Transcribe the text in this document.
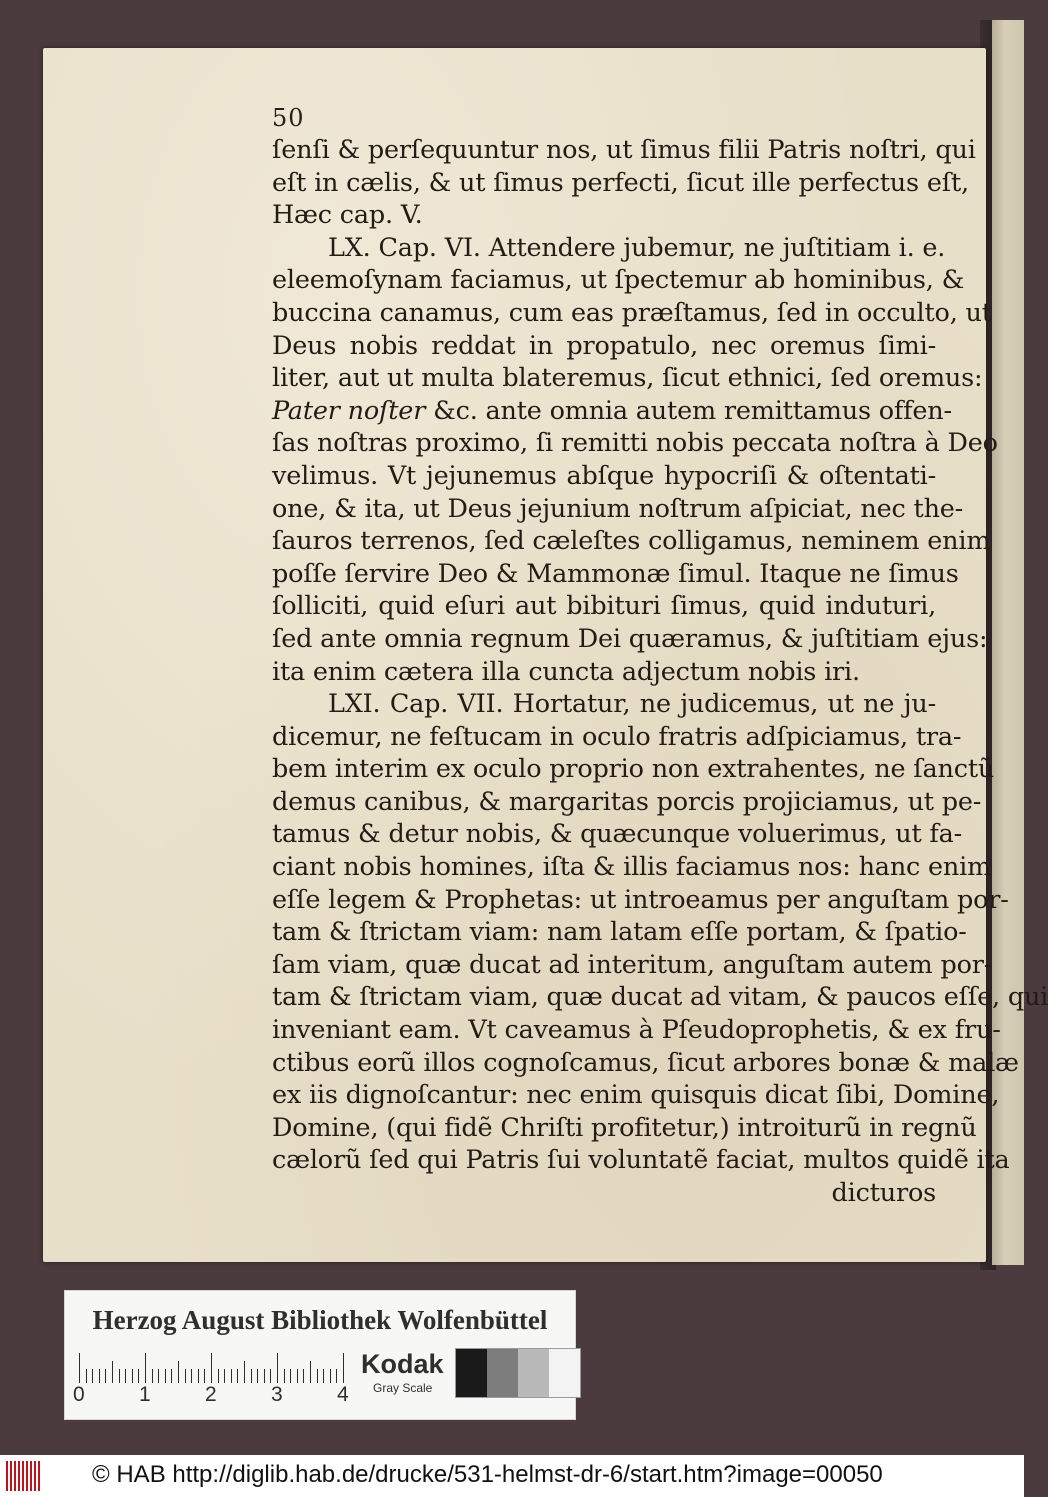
50
ſenſi & perſequuntur nos, ut ſimus filii Patris noſtri, qui
eſt in cælis, & ut ſimus perfecti, ſicut ille perfectus eſt,
Hæc cap. V.
LX. Cap. VI. Attendere jubemur, ne juſtitiam i. e.
eleemoſynam faciamus, ut ſpectemur ab hominibus, &
buccina canamus, cum eas præſtamus, ſed in occulto, ut
Deus nobis reddat in propatulo, nec oremus ſimi-
liter, aut ut multa blateremus, ſicut ethnici, ſed oremus:
Pater noſter &c. ante omnia autem remittamus offen-
ſas noſtras proximo, ſi remitti nobis peccata noſtra à Deo
velimus. Vt jejunemus abſque hypocriſi & oſtentati-
one, & ita, ut Deus jejunium noſtrum aſpiciat, nec the-
ſauros terrenos, ſed cæleſtes colligamus, neminem enim
poſſe ſervire Deo & Mammonæ ſimul. Itaque ne ſimus
ſolliciti, quid eſuri aut bibituri ſimus, quid induturi,
ſed ante omnia regnum Dei quæramus, & juſtitiam ejus:
ita enim cætera illa cuncta adjectum nobis iri.
LXI. Cap. VII. Hortatur, ne judicemus, ut ne ju-
dicemur, ne feſtucam in oculo fratris adſpiciamus, tra-
bem interim ex oculo proprio non extrahentes, ne ſanctũ
demus canibus, & margaritas porcis projiciamus, ut pe-
tamus & detur nobis, & quæcunque voluerimus, ut fa-
ciant nobis homines, iſta & illis faciamus nos: hanc enim
eſſe legem & Prophetas: ut introeamus per anguſtam por-
tam & ſtrictam viam: nam latam eſſe portam, & ſpatio-
ſam viam, quæ ducat ad interitum, anguſtam autem por-
tam & ſtrictam viam, quæ ducat ad vitam, & paucos eſſe, qui
inveniant eam. Vt caveamus à Pſeudoprophetis, & ex fru-
ctibus eorũ illos cognoſcamus, ſicut arbores bonæ & malæ
ex iis dignoſcantur: nec enim quisquis dicat ſibi, Domine,
Domine, (qui fidẽ Chriſti profitetur,) introiturũ in regnũ
cælorũ ſed qui Patris ſui voluntatẽ faciat, multos quidẽ ita
dicturos
Herzog August Bibliothek Wolfenbüttel
0	1	2	3	4
Kodak
Gray Scale
© HAB http://diglib.hab.de/drucke/531-helmst-dr-6/start.htm?image=00050
